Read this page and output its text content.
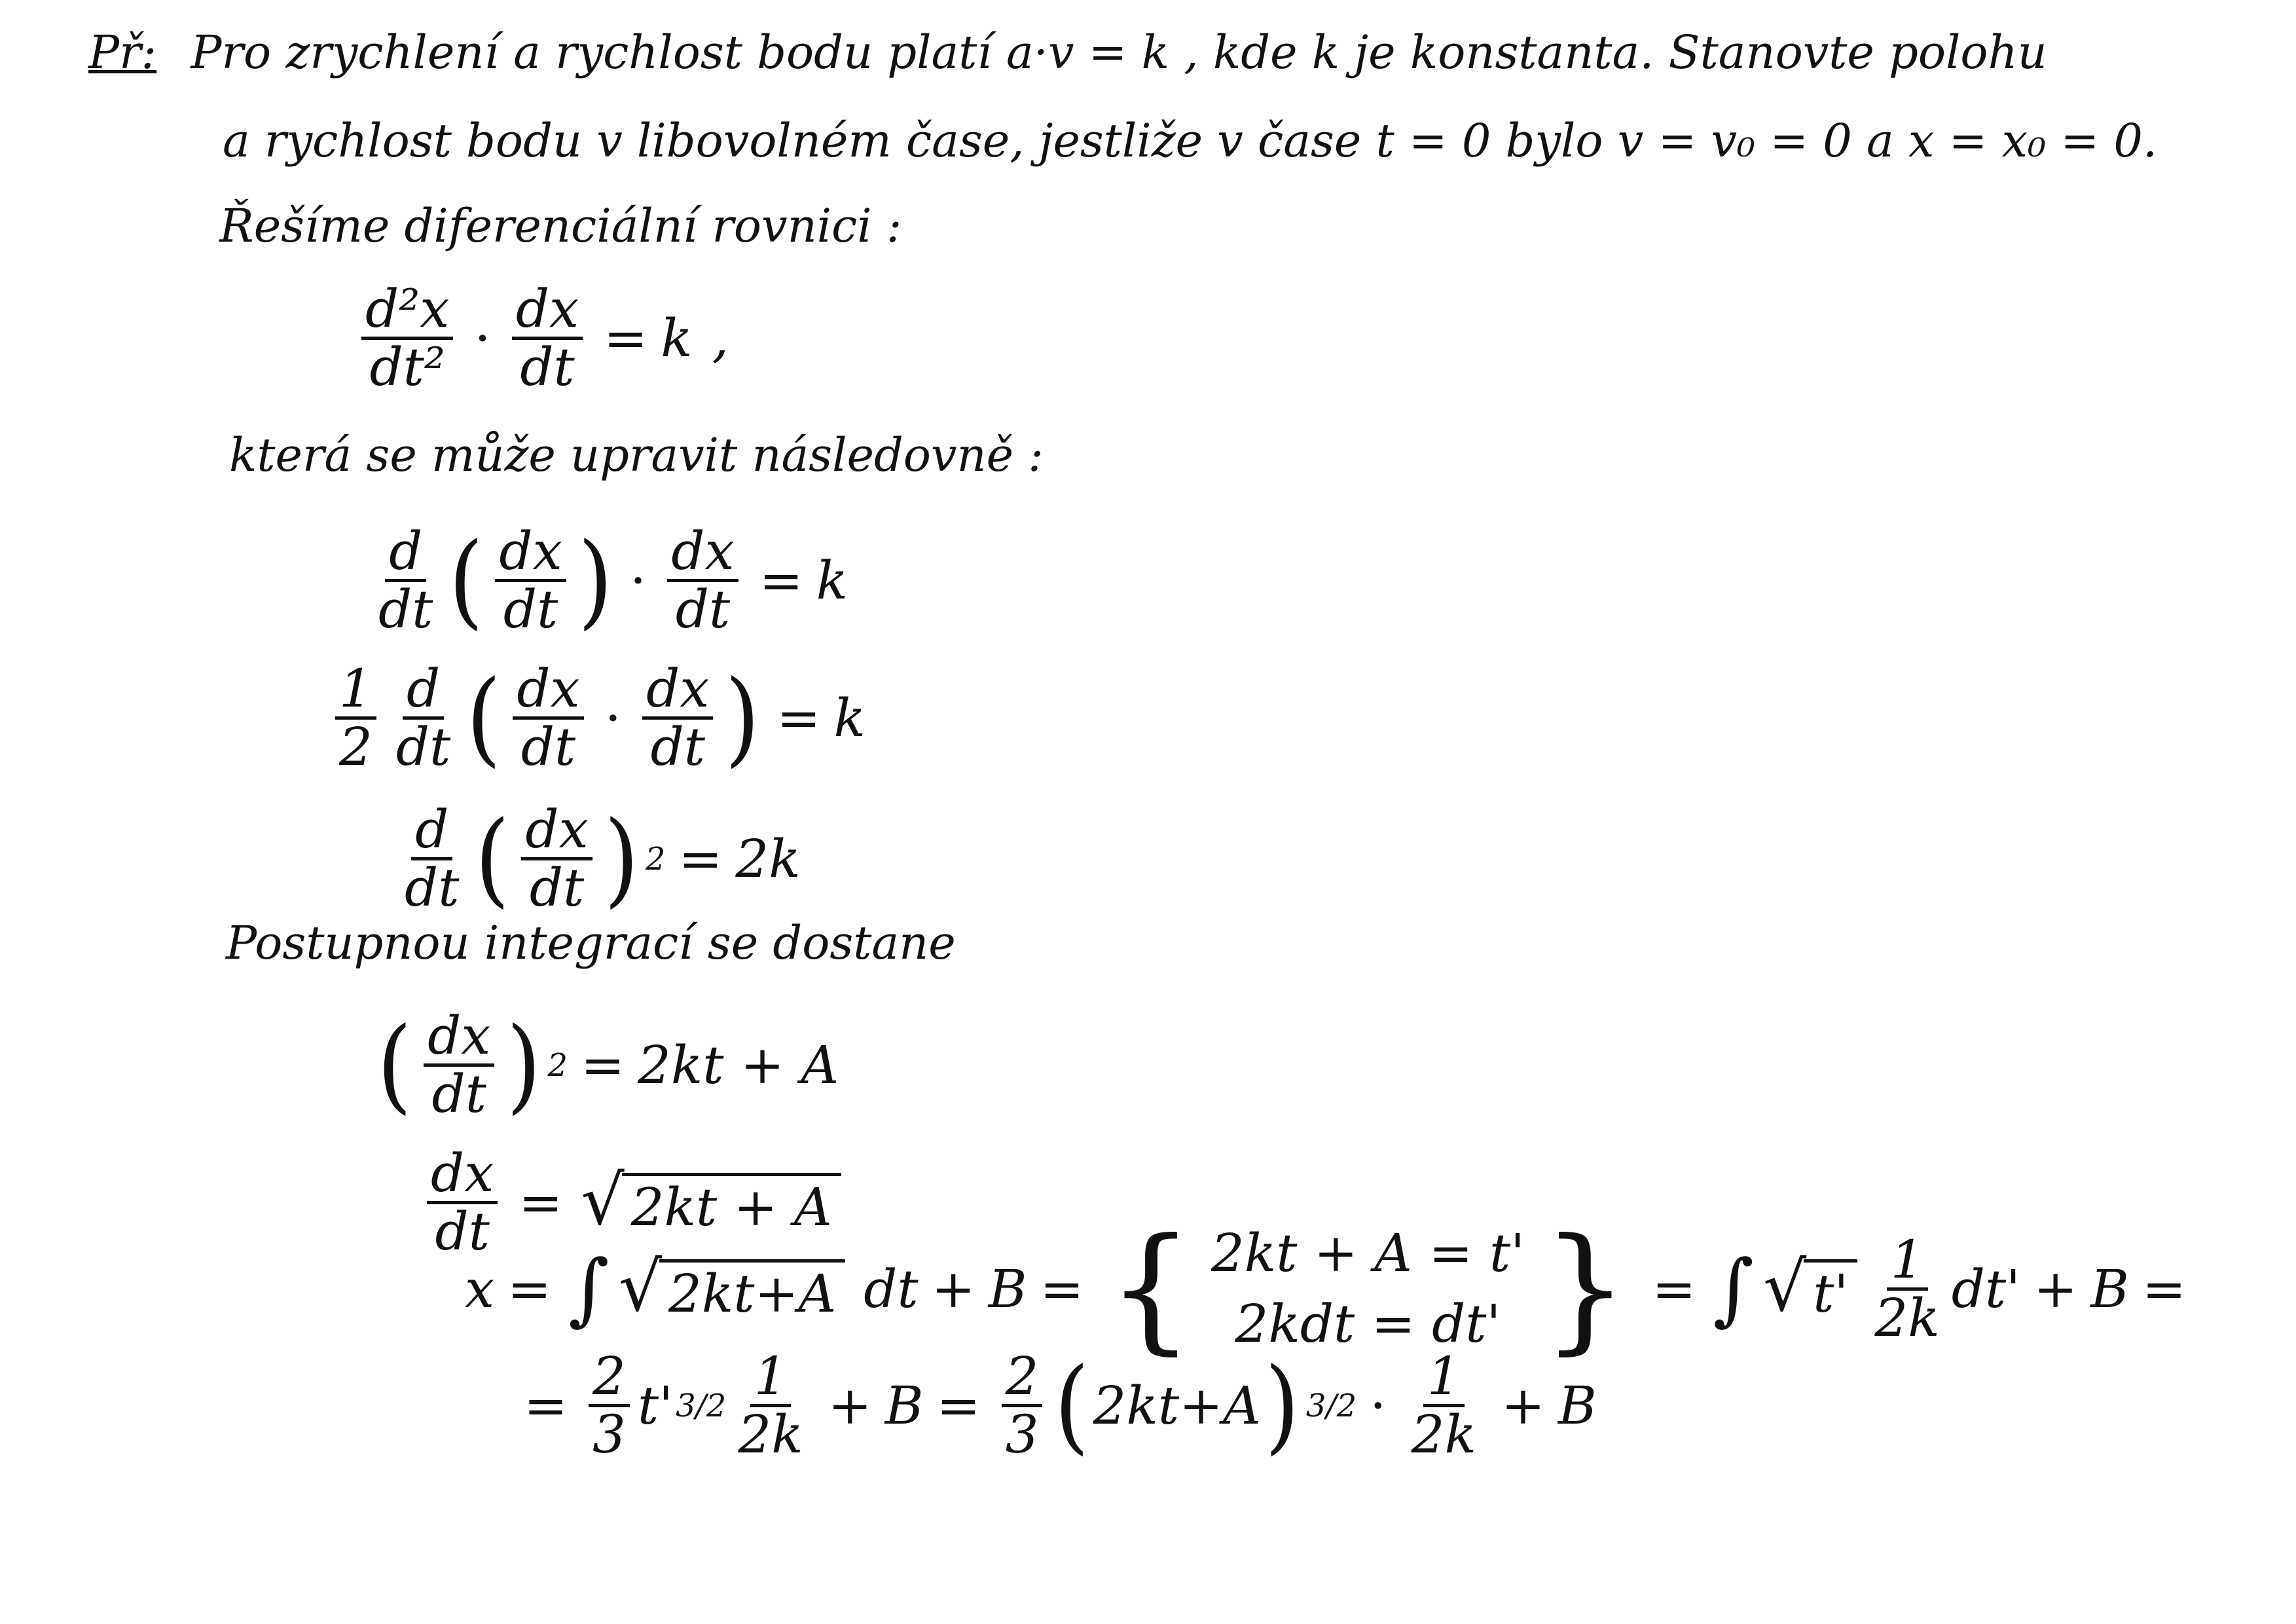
Př: Pro zrychlení a rychlost bodu platí a·v = k , kde k je konstanta. Stanovte polohu
a rychlost bodu v libovolném čase, jestliže v čase t = 0 bylo v = v₀ = 0 a x = x₀ = 0.
Řešíme diferenciální rovnici :
$\frac{\text{d²x}}{\text{dt²}} \cdot \frac{dx}{dt} = k$ ,
která se může upravit následovně :
$\frac{d}{dt}$ ( $\frac{dx}{dt}$ ) · $\frac{dx}{dt} = k$
$\frac{1}{2} \frac{d}{dt}$ ( $\frac{dx}{dt} \cdot \frac{dx}{dt}$ ) = k
$\frac{d}{dt}$ ( $\frac{dx}{dt}$ ) 2 = 2k
Postupnou integrací se dostane
( $\frac{dx}{dt}$ ) 2 = 2kt + A
$\frac{dx}{dt}$ = √ 2kt + A
x = ∫ √ 2kt+A dt + B = { 2kt + A = t'
2kdt = dt' } = ∫ √ $t' \frac{1}{2k} dt' + B$ =
= $\frac{2}{3} t'$ $3/2 \frac{1}{2k} + B = \frac{2}{3}$ ( 2kt+A ) $3/2 \cdot \frac{1}{2k} + B$
